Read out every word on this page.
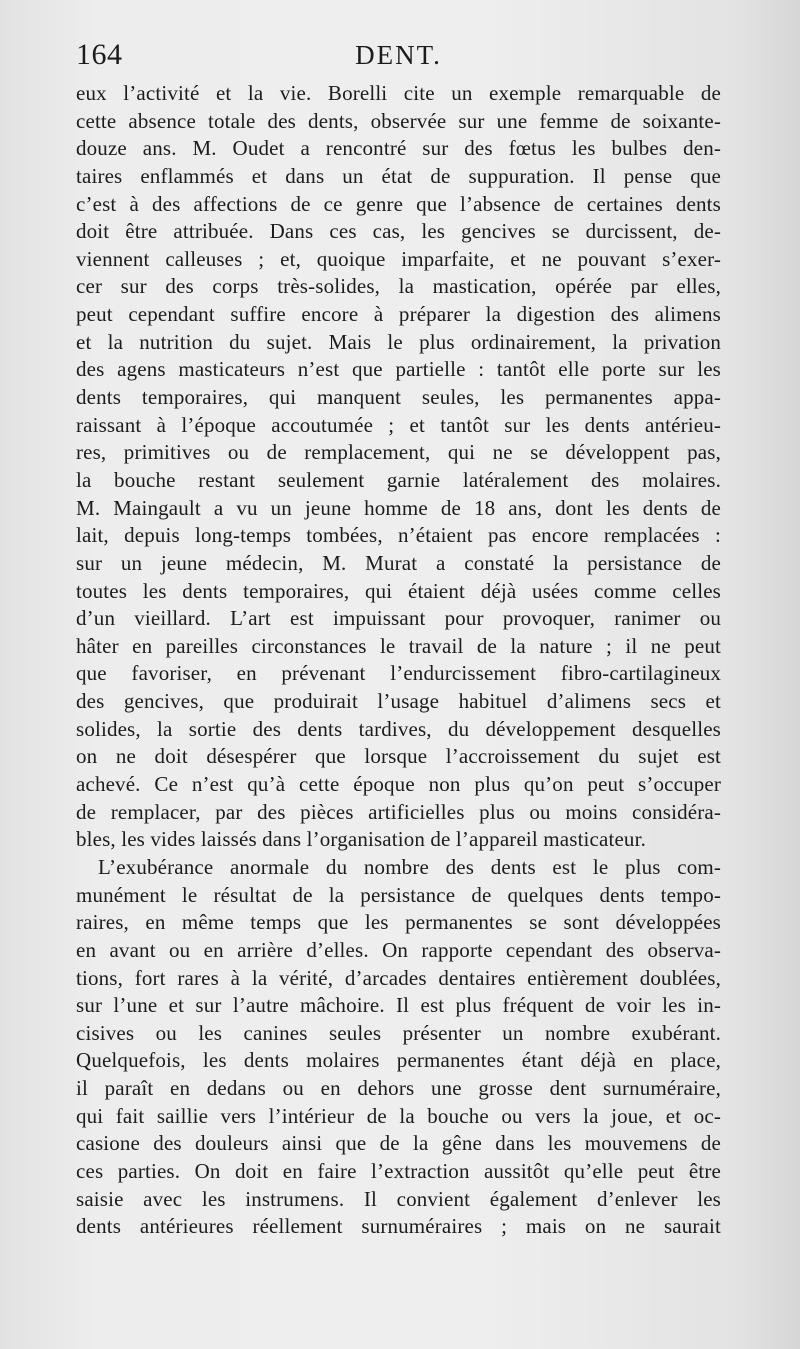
164	DENT.
eux l’activité et la vie. Borelli cite un exemple remarquable de
cette absence totale des dents, observée sur une femme de soixante-
douze ans. M. Oudet a rencontré sur des fœtus les bulbes den-
taires enflammés et dans un état de suppuration. Il pense que
c’est à des affections de ce genre que l’absence de certaines dents
doit être attribuée. Dans ces cas, les gencives se durcissent, de-
viennent calleuses ; et, quoique imparfaite, et ne pouvant s’exer-
cer sur des corps très-solides, la mastication, opérée par elles,
peut cependant suffire encore à préparer la digestion des alimens
et la nutrition du sujet. Mais le plus ordinairement, la privation
des agens masticateurs n’est que partielle : tantôt elle porte sur les
dents temporaires, qui manquent seules, les permanentes appa-
raissant à l’époque accoutumée ; et tantôt sur les dents antérieu-
res, primitives ou de remplacement, qui ne se développent pas,
la bouche restant seulement garnie latéralement des molaires.
M. Maingault a vu un jeune homme de 18 ans, dont les dents de
lait, depuis long-temps tombées, n’étaient pas encore remplacées :
sur un jeune médecin, M. Murat a constaté la persistance de
toutes les dents temporaires, qui étaient déjà usées comme celles
d’un vieillard. L’art est impuissant pour provoquer, ranimer ou
hâter en pareilles circonstances le travail de la nature ; il ne peut
que favoriser, en prévenant l’endurcissement fibro-cartilagineux
des gencives, que produirait l’usage habituel d’alimens secs et
solides, la sortie des dents tardives, du développement desquelles
on ne doit désespérer que lorsque l’accroissement du sujet est
achevé. Ce n’est qu’à cette époque non plus qu’on peut s’occuper
de remplacer, par des pièces artificielles plus ou moins considéra-
bles, les vides laissés dans l’organisation de l’appareil masticateur.
L’exubérance anormale du nombre des dents est le plus com-
munément le résultat de la persistance de quelques dents tempo-
raires, en même temps que les permanentes se sont développées
en avant ou en arrière d’elles. On rapporte cependant des observa-
tions, fort rares à la vérité, d’arcades dentaires entièrement doublées,
sur l’une et sur l’autre mâchoire. Il est plus fréquent de voir les in-
cisives ou les canines seules présenter un nombre exubérant.
Quelquefois, les dents molaires permanentes étant déjà en place,
il paraît en dedans ou en dehors une grosse dent surnuméraire,
qui fait saillie vers l’intérieur de la bouche ou vers la joue, et oc-
casione des douleurs ainsi que de la gêne dans les mouvemens de
ces parties. On doit en faire l’extraction aussitôt qu’elle peut être
saisie avec les instrumens. Il convient également d’enlever les
dents antérieures réellement surnuméraires ; mais on ne saurait
